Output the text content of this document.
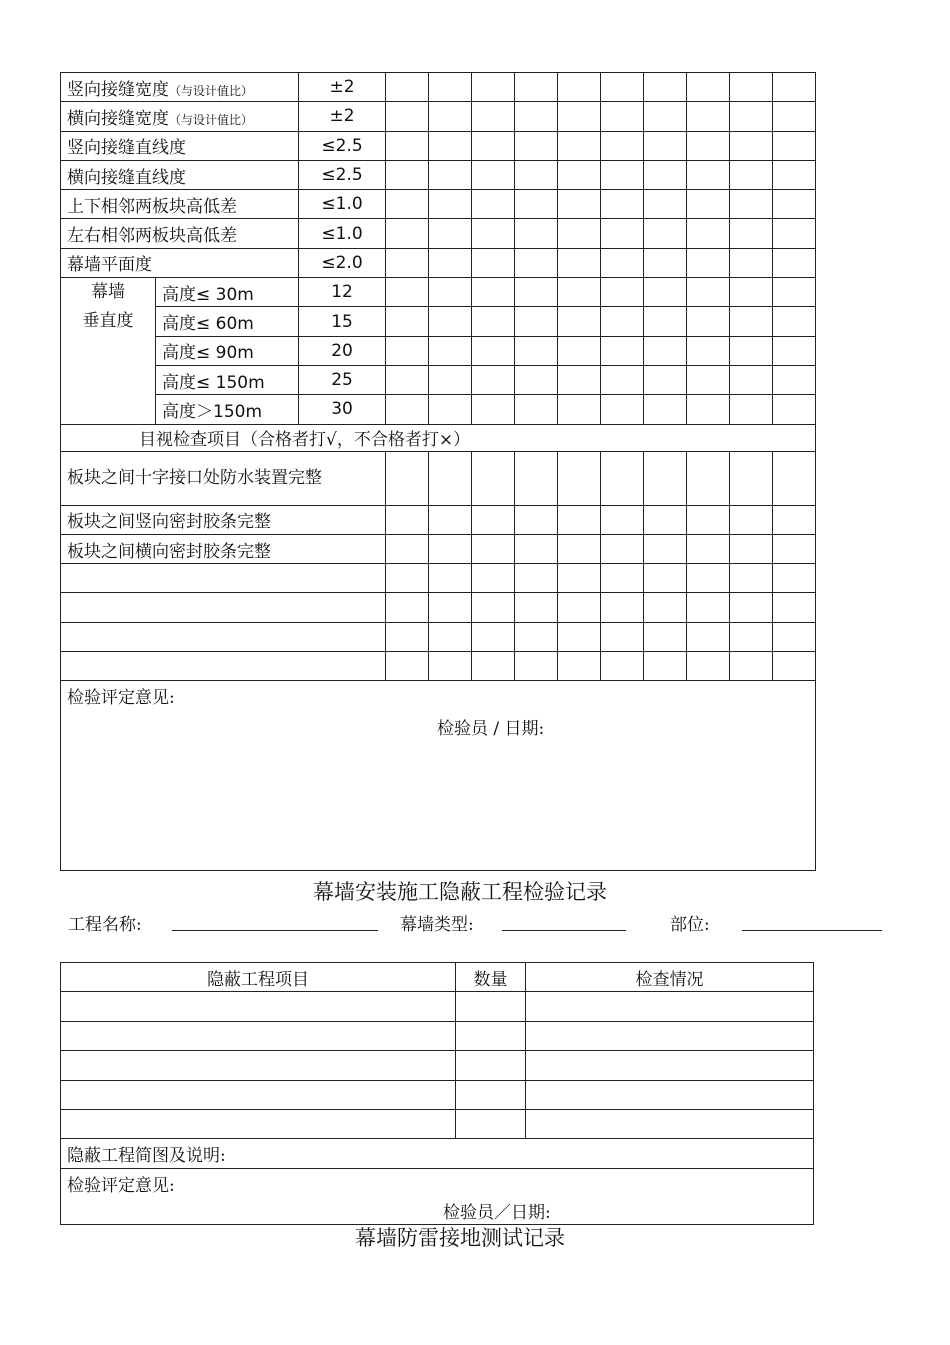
竖向接缝宽度（与设计值比）		±2										
横向接缝宽度（与设计值比）		±2										
竖向接缝直线度		≤2.5										
横向接缝直线度		≤2.5										
上下相邻两板块高低差		≤1.0										
左右相邻两板块高低差		≤1.0										
幕墙平面度		≤2.0										

幕墙
垂直度	高度≤ 30m	12										
	高度≤ 60m	15										
	高度≤ 90m	20										
	高度≤ 150m	25										
	高度＞150m	30										
目视检查项目（合格者打√，不合格者打×）												
板块之间十字接口处防水装置完整												
板块之间竖向密封胶条完整												
板块之间横向密封胶条完整												

检验评定意见:
检验员 / 日期:												
幕墙安装施工隐蔽工程检验记录
工程名称:	幕墙类型:	部位:
隐蔽工程项目	数量	检查情况

隐蔽工程简图及说明:		

检验评定意见:
检验员／日期:		
幕墙防雷接地测试记录
